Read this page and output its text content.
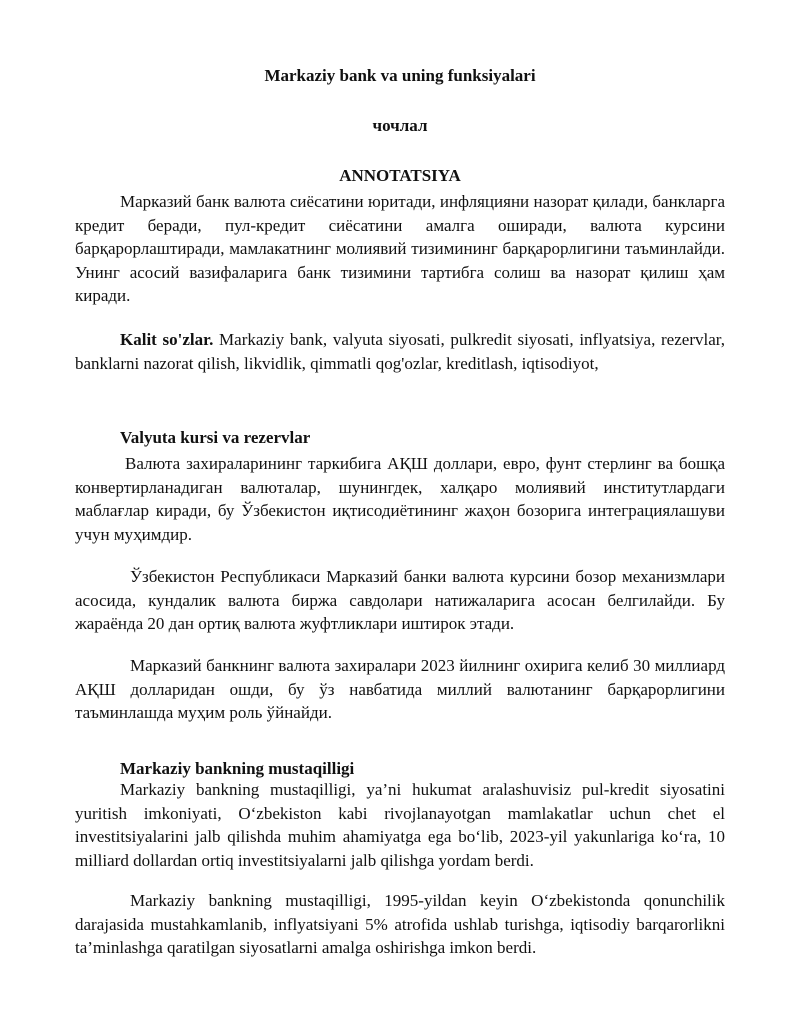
Markaziy bank va uning funksiyalari
чочлал
ANNOTATSIYA

Марказий банк валюта сиёсатини юритади, инфляцияни назорат қилади, банкларга кредит беради, пул-кредит сиёсатини амалга оширади, валюта курсини барқарорлаштиради, мамлакатнинг молиявий тизимининг барқарорлигини таъминлайди. Унинг асосий вазифаларига банк тизимини тартибга солиш ва назорат қилиш ҳам киради.

Kalit so'zlar. Markaziy bank, valyuta siyosati, pulkredit siyosati, inflyatsiya, rezervlar, banklarni nazorat qilish, likvidlik, qimmatli qog'ozlar, kreditlash, iqtisodiyot,

Valyuta kursi va rezervlar

Валюта захираларининг таркибига АҚШ доллари, евро, фунт стерлинг ва бошқа конвертирланадиган валюталар, шунингдек, халқаро молиявий институтлардаги маблағлар киради, бу Ўзбекистон иқтисодиётининг жаҳон бозорига интеграциялашуви учун муҳимдир.

Ўзбекистон Республикаси Марказий банки валюта курсини бозор механизмлари асосида, кундалик валюта биржа савдолари натижаларига асосан белгилайди. Бу жараёнда 20 дан ортиқ валюта жуфтликлари иштирок этади.

Марказий банкнинг валюта захиралари 2023 йилнинг охирига келиб 30 миллиард АҚШ долларидан ошди, бу ўз навбатида миллий валютанинг барқарорлигини таъминлашда муҳим роль ўйнайди.

Markaziy bankning mustaqilligi

Markaziy bankning mustaqilligi, ya’ni hukumat aralashuvisiz pul-kredit siyosatini yuritish imkoniyati, O‘zbekiston kabi rivojlanayotgan mamlakatlar uchun chet el investitsiyalarini jalb qilishda muhim ahamiyatga ega bo‘lib, 2023-yil yakunlariga ko‘ra, 10 milliard dollardan ortiq investitsiyalarni jalb qilishga yordam berdi.

Markaziy bankning mustaqilligi, 1995-yildan keyin O‘zbekistonda qonunchilik darajasida mustahkamlanib, inflyatsiyani 5% atrofida ushlab turishga, iqtisodiy barqarorlikni ta’minlashga qaratilgan siyosatlarni amalga oshirishga imkon berdi.
